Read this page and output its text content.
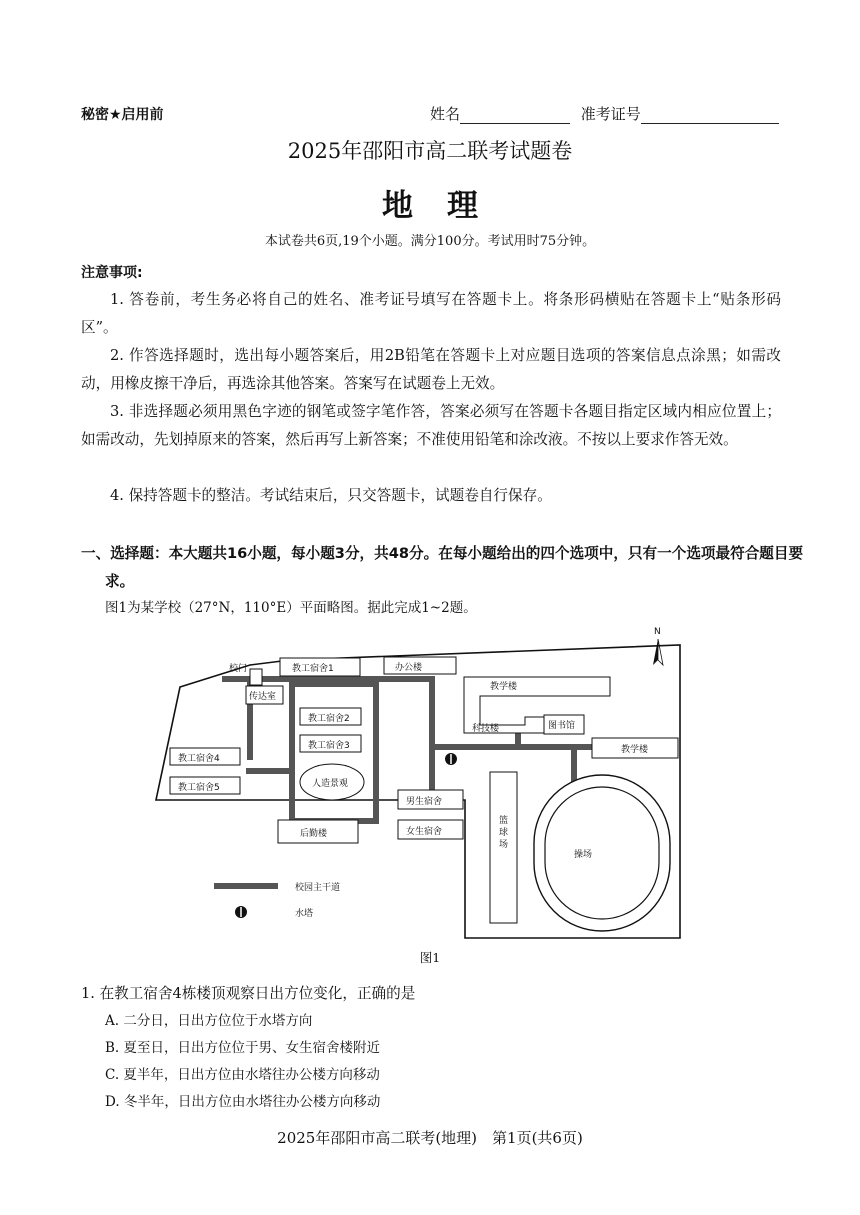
秘密★启用前	姓名	准考证号
2025年邵阳市高二联考试题卷
地理
本试卷共6页,19个小题。满分100分。考试用时75分钟。
注意事项:
1. 答卷前，考生务必将自己的姓名、准考证号填写在答题卡上。将条形码横贴在答题卡上“贴条形码区”。
2. 作答选择题时，选出每小题答案后，用2B铅笔在答题卡上对应题目选项的答案信息点涂黑；如需改动，用橡皮擦干净后，再选涂其他答案。答案写在试题卷上无效。
3. 非选择题必须用黑色字迹的钢笔或签字笔作答，答案必须写在答题卡各题目指定区域内相应位置上；如需改动，先划掉原来的答案，然后再写上新答案；不准使用铅笔和涂改液。不按以上要求作答无效。
4. 保持答题卡的整洁。考试结束后，只交答题卡，试题卷自行保存。
一、选择题：本大题共16小题，每小题3分，共48分。在每小题给出的四个选项中，只有一个选项最符合题目要求。
图1为某学校（27°N，110°E）平面略图。据此完成1~2题。
N
校门
传达室
教工宿舍1	办公楼
教学楼
科技楼	图书馆
教学楼
教工宿舍2
教工宿舍3
人造景观
教工宿舍4
教工宿舍5
男生宿舍
女生宿舍
后勤楼
篮
球
场
操场
校园主干道
水塔
图1
1. 在教工宿舍4栋楼顶观察日出方位变化，正确的是
A. 二分日，日出方位位于水塔方向
B. 夏至日，日出方位位于男、女生宿舍楼附近
C. 夏半年，日出方位由水塔往办公楼方向移动
D. 冬半年，日出方位由水塔往办公楼方向移动
2025年邵阳市高二联考(地理)　第1页(共6页)
